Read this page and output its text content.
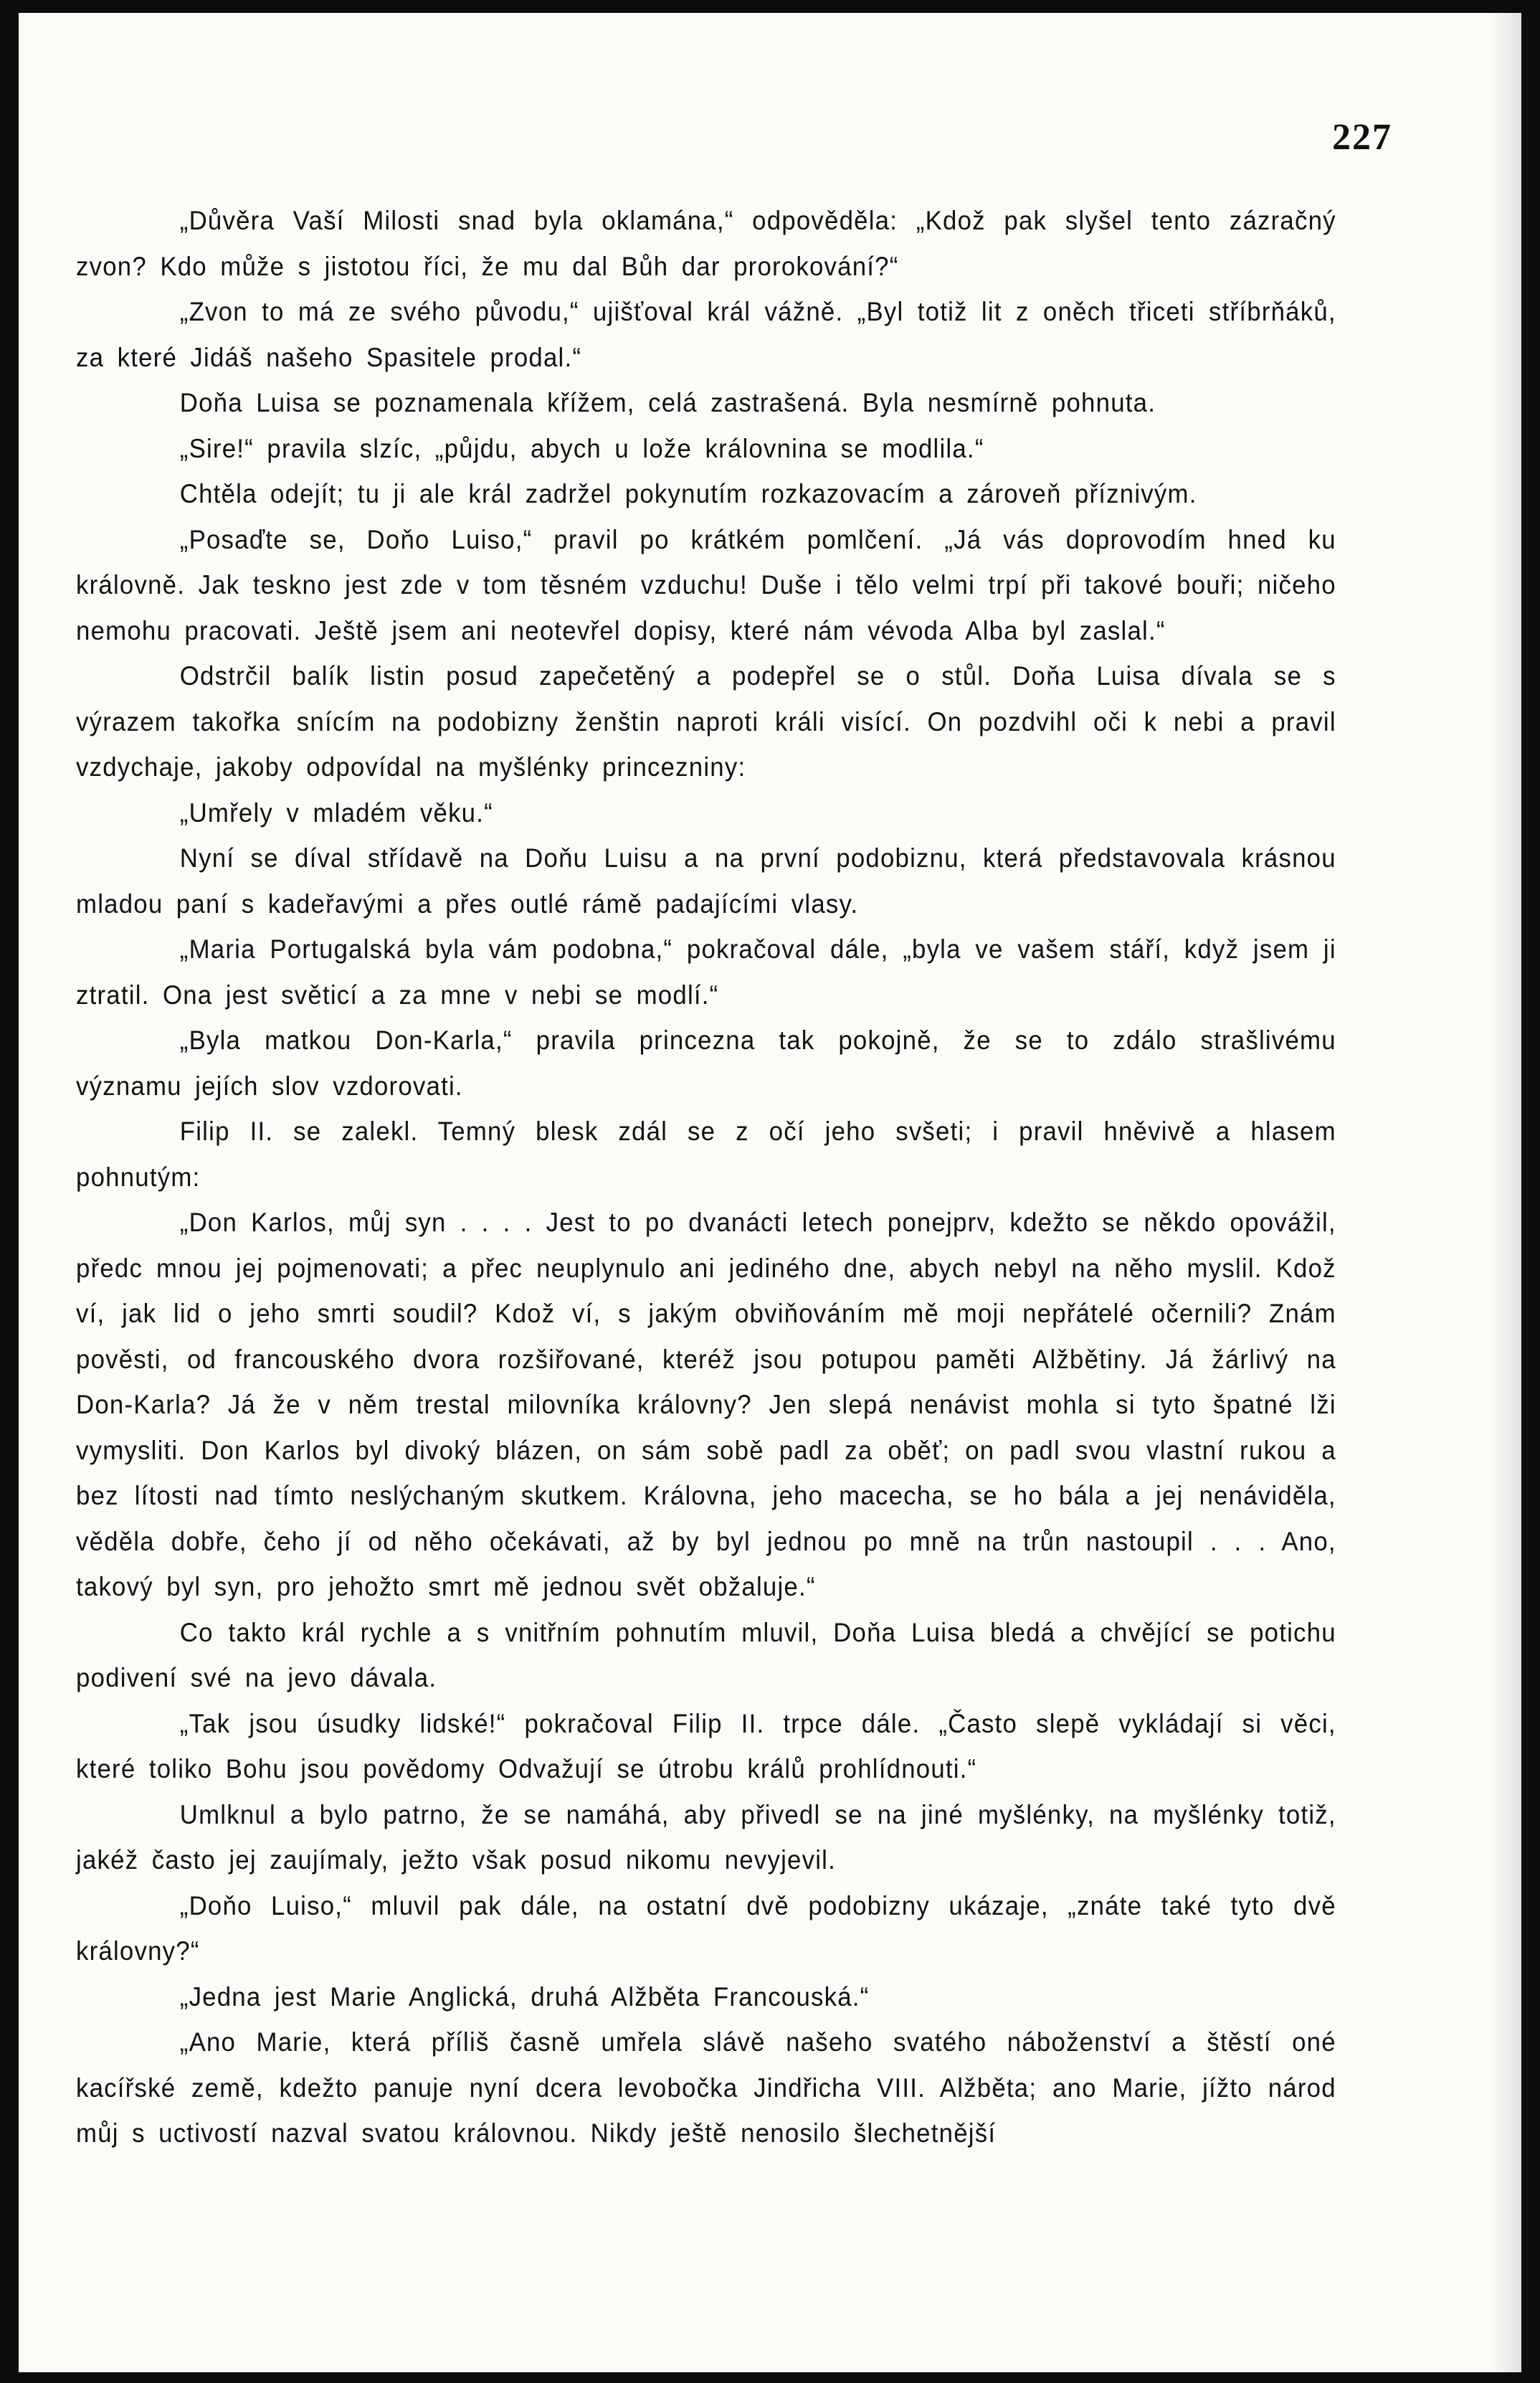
227

„Důvěra Vaší Milosti snad byla oklamána,“ odpověděla: „Kdož pak slyšel tento zázračný zvon? Kdo může s jistotou říci, že mu dal Bůh dar prorokování?“

„Zvon to má ze svého původu,“ ujišťoval král vážně. „Byl totiž lit z oněch třiceti stříbrňáků, za které Jidáš našeho Spasitele prodal.“

Doňa Luisa se poznamenala křížem, celá zastrašená. Byla nesmírně pohnuta.

„Sire!“ pravila slzíc, „půjdu, abych u lože královnina se modlila.“

Chtěla odejít; tu ji ale král zadržel pokynutím rozkazovacím a zároveň příznivým.

„Posaďte se, Doňo Luiso,“ pravil po krátkém pomlčení. „Já vás doprovodím hned ku královně. Jak teskno jest zde v tom těsném vzduchu! Duše i tělo velmi trpí při takové bouři; ničeho nemohu pracovati. Ještě jsem ani neotevřel dopisy, které nám vévoda Alba byl zaslal.“

Odstrčil balík listin posud zapečetěný a podepřel se o stůl. Doňa Luisa dívala se s výrazem takořka snícím na podobizny ženštin naproti králi visící. On pozdvihl oči k nebi a pravil vzdychaje, jakoby odpovídal na myšlénky princezniny:

„Umřely v mladém věku.“

Nyní se díval střídavě na Doňu Luisu a na první podobiznu, která představovala krásnou mladou paní s kadeřavými a přes outlé rámě padajícími vlasy.

„Maria Portugalská byla vám podobna,“ pokračoval dále, „byla ve vašem stáří, když jsem ji ztratil. Ona jest světicí a za mne v nebi se modlí.“

„Byla matkou Don-Karla,“ pravila princezna tak pokojně, že se to zdálo strašlivému významu jejích slov vzdorovati.

Filip II. se zalekl. Temný blesk zdál se z očí jeho svšeti; i pravil hněvivě a hlasem pohnutým:

„Don Karlos, můj syn . . . . Jest to po dvanácti letech ponejprv, kdežto se někdo opovážil, předc mnou jej pojmenovati; a přec neuplynulo ani jediného dne, abych nebyl na něho myslil. Kdož ví, jak lid o jeho smrti soudil? Kdož ví, s jakým obviňováním mě moji nepřátelé očernili? Znám pověsti, od francouského dvora rozšiřované, kteréž jsou potupou paměti Alžbětiny. Já žárlivý na Don-Karla? Já že v něm trestal milovníka královny? Jen slepá nenávist mohla si tyto špatné lži vymysliti. Don Karlos byl divoký blázen, on sám sobě padl za oběť; on padl svou vlastní rukou a bez lítosti nad tímto neslýchaným skutkem. Královna, jeho macecha, se ho bála a jej nenáviděla, věděla dobře, čeho jí od něho očekávati, až by byl jednou po mně na trůn nastoupil . . . Ano, takový byl syn, pro jehožto smrt mě jednou svět obžaluje.“

Co takto král rychle a s vnitřním pohnutím mluvil, Doňa Luisa bledá a chvějící se potichu podivení své na jevo dávala.

„Tak jsou úsudky lidské!“ pokračoval Filip II. trpce dále. „Často slepě vykládají si věci, které toliko Bohu jsou povědomy Odvažují se útrobu králů prohlídnouti.“

Umlknul a bylo patrno, že se namáhá, aby přivedl se na jiné myšlénky, na myšlénky totiž, jakéž často jej zaujímaly, ježto však posud nikomu nevyjevil.

„Doňo Luiso,“ mluvil pak dále, na ostatní dvě podobizny ukázaje, „znáte také tyto dvě královny?“

„Jedna jest Marie Anglická, druhá Alžběta Francouská.“

„Ano Marie, která příliš časně umřela slávě našeho svatého náboženství a štěstí oné kacířské země, kdežto panuje nyní dcera levobočka Jindřicha VIII. Alžběta; ano Marie, jížto národ můj s uctivostí nazval svatou královnou. Nikdy ještě nenosilo šlechetnější
